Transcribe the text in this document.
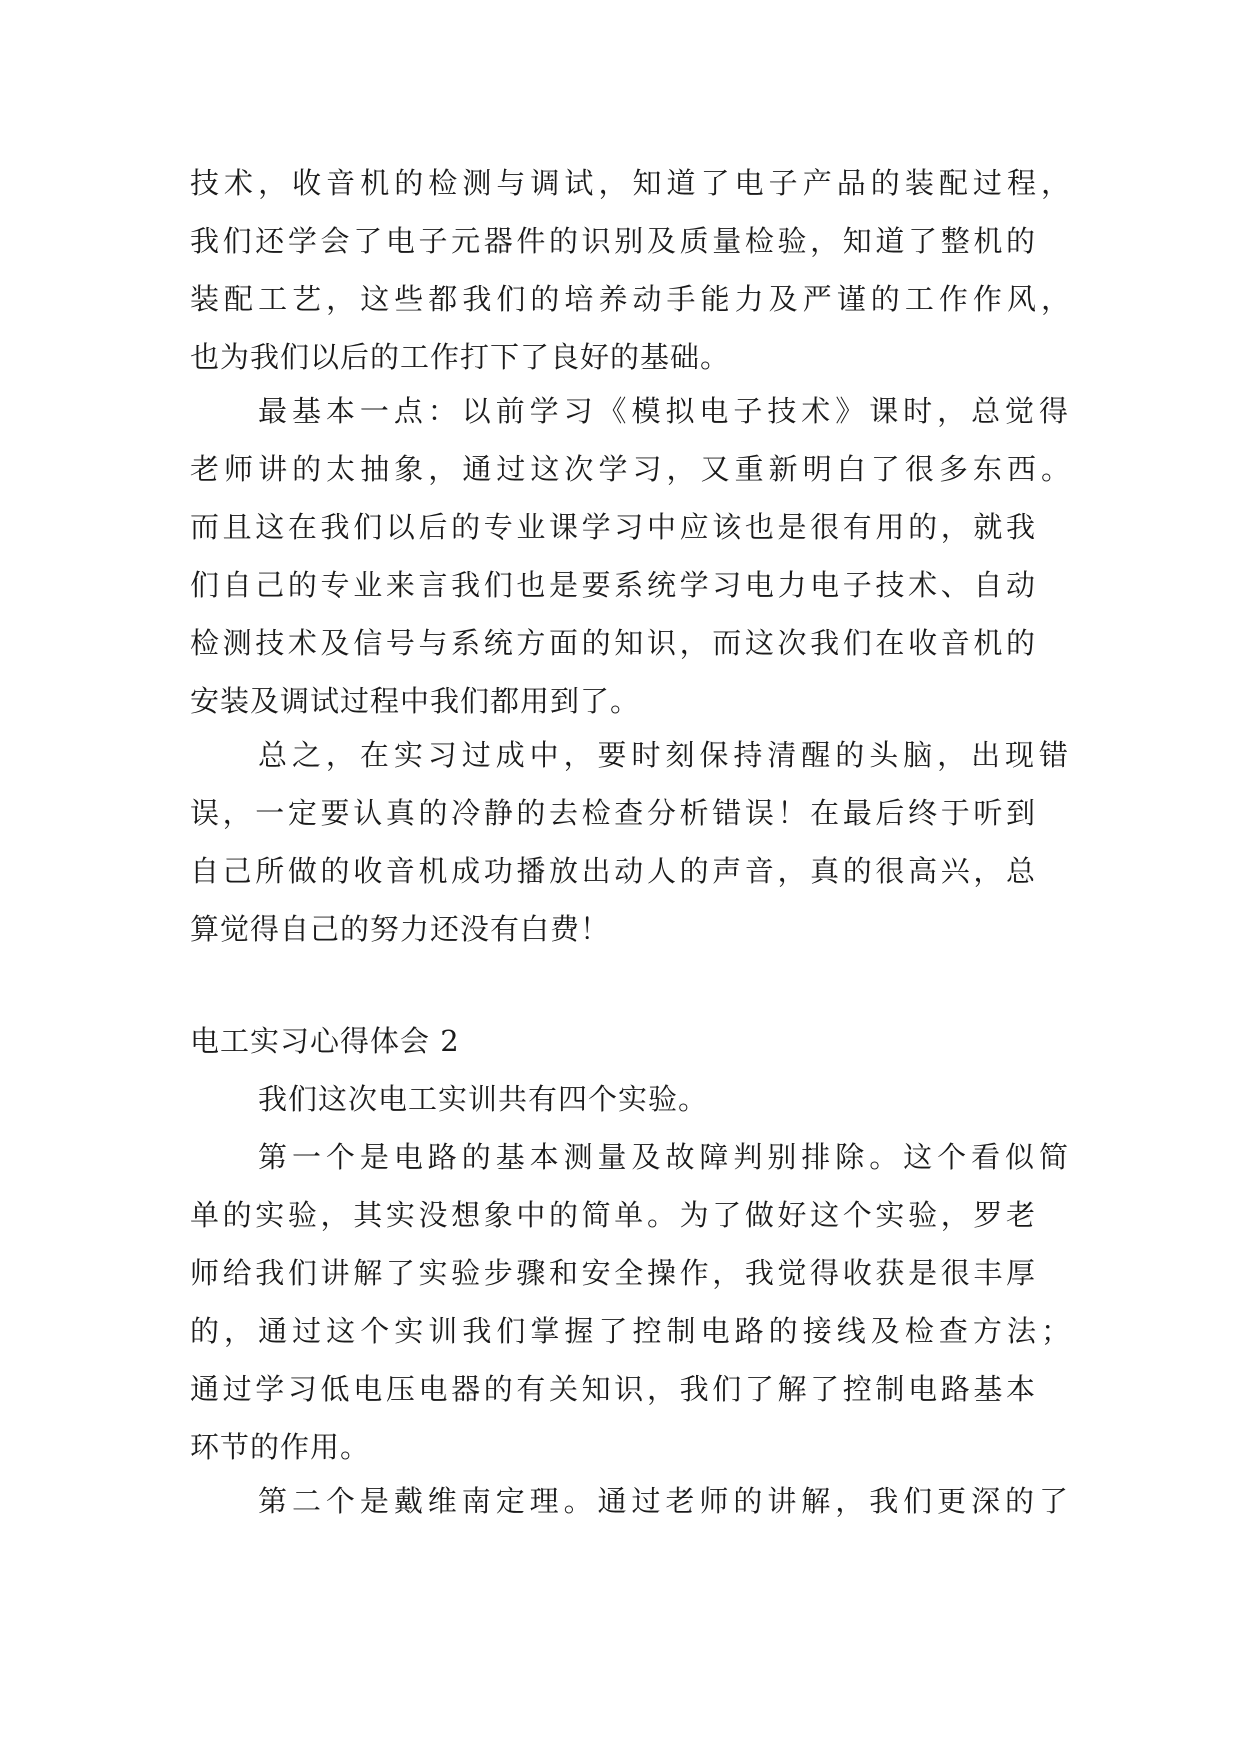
技术，收音机的检测与调试，知道了电子产品的装配过程，
我们还学会了电子元器件的识别及质量检验，知道了整机的
装配工艺，这些都我们的培养动手能力及严谨的工作作风，
也为我们以后的工作打下了良好的基础。
最基本一点：以前学习《模拟电子技术》课时，总觉得
老师讲的太抽象，通过这次学习，又重新明白了很多东西。
而且这在我们以后的专业课学习中应该也是很有用的，就我
们自己的专业来言我们也是要系统学习电力电子技术、自动
检测技术及信号与系统方面的知识，而这次我们在收音机的
安装及调试过程中我们都用到了。
总之，在实习过成中，要时刻保持清醒的头脑，出现错
误，一定要认真的冷静的去检查分析错误！在最后终于听到
自己所做的收音机成功播放出动人的声音，真的很高兴，总
算觉得自己的努力还没有白费！
电工实习心得体会 2
我们这次电工实训共有四个实验。
第一个是电路的基本测量及故障判别排除。这个看似简
单的实验，其实没想象中的简单。为了做好这个实验，罗老
师给我们讲解了实验步骤和安全操作，我觉得收获是很丰厚
的，通过这个实训我们掌握了控制电路的接线及检查方法；
通过学习低电压电器的有关知识，我们了解了控制电路基本
环节的作用。
第二个是戴维南定理。通过老师的讲解，我们更深的了
